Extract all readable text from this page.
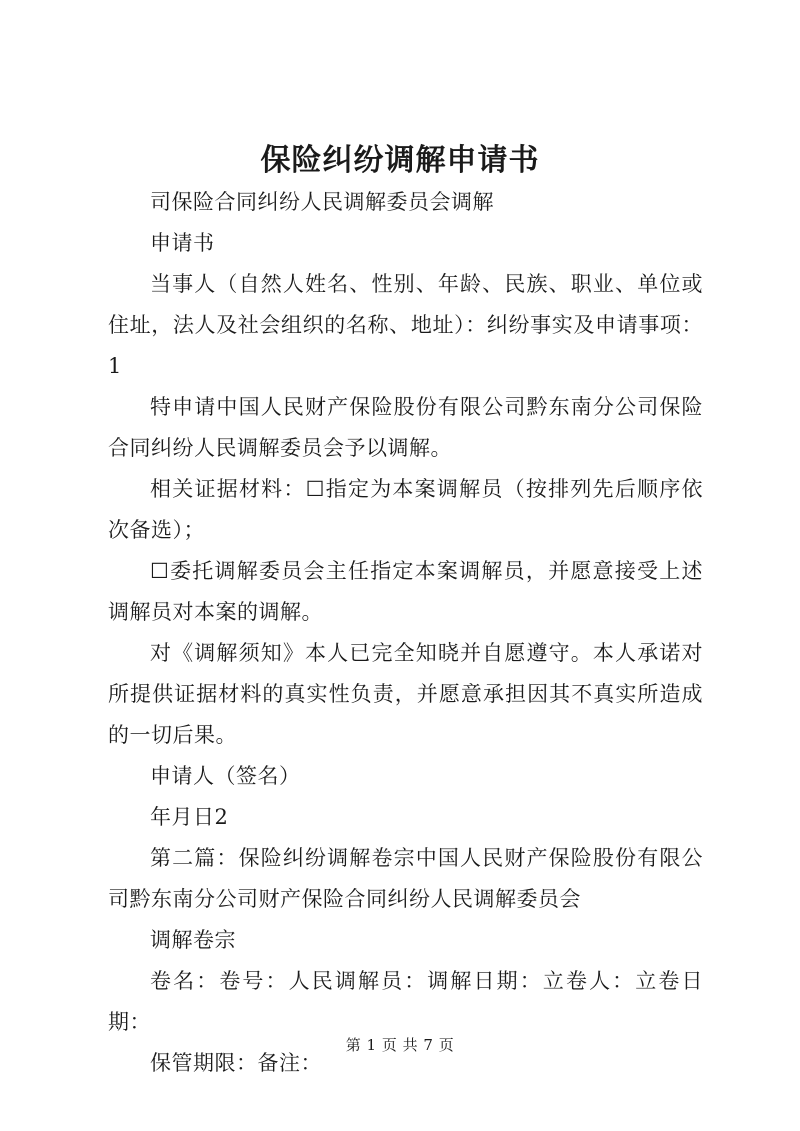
保险纠纷调解申请书

司保险合同纠纷人民调解委员会调解

申请书

当事人（自然人姓名、性别、年龄、民族、职业、单位或住址，法人及社会组织的名称、地址）：纠纷事实及申请事项：1

特申请中国人民财产保险股份有限公司黔东南分公司保险合同纠纷人民调解委员会予以调解。

相关证据材料：☐指定为本案调解员（按排列先后顺序依次备选）；

☐委托调解委员会主任指定本案调解员，并愿意接受上述调解员对本案的调解。

对《调解须知》本人已完全知晓并自愿遵守。本人承诺对所提供证据材料的真实性负责，并愿意承担因其不真实所造成的一切后果。

申请人（签名）

年月日2

第二篇：保险纠纷调解卷宗中国人民财产保险股份有限公司黔东南分公司财产保险合同纠纷人民调解委员会

调解卷宗

卷名：卷号：人民调解员：调解日期：立卷人：立卷日期：

保管期限：备注：

第 1 页 共 7 页
